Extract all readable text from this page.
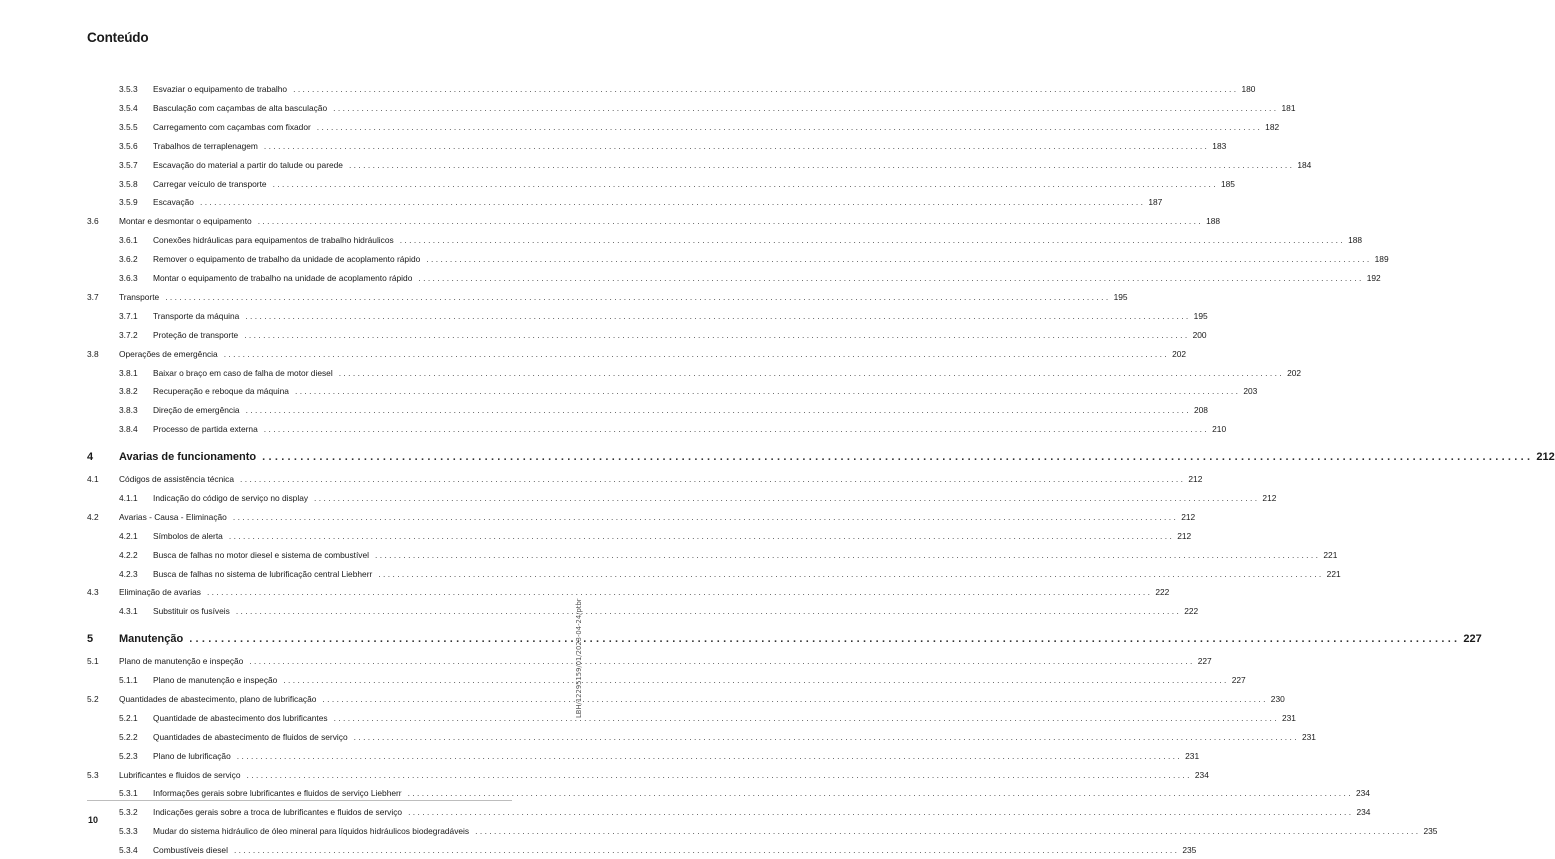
Conteúdo
3.5.3 Esvaziar o equipamento de trabalho ........................................................................................................................................................................................................ 180
3.5.4 Basculação com caçambas de alta basculação ........................................................................................................................................................................................................ 181
3.5.5 Carregamento com caçambas com fixador ........................................................................................................................................................................................................ 182
3.5.6 Trabalhos de terraplenagem ........................................................................................................................................................................................................ 183
3.5.7 Escavação do material a partir do talude ou parede ........................................................................................................................................................................................................ 184
3.5.8 Carregar veículo de transporte ........................................................................................................................................................................................................ 185
3.5.9 Escavação ........................................................................................................................................................................................................ 187
3.6 Montar e desmontar o equipamento ........................................................................................................................................................................................................ 188
3.6.1 Conexões hidráulicas para equipamentos de trabalho hidráulicos ........................................................................................................................................................................................................ 188
3.6.2 Remover o equipamento de trabalho da unidade de acoplamento rápido ........................................................................................................................................................................................................ 189
3.6.3 Montar o equipamento de trabalho na unidade de acoplamento rápido ........................................................................................................................................................................................................ 192
3.7 Transporte ........................................................................................................................................................................................................ 195
3.7.1 Transporte da máquina ........................................................................................................................................................................................................ 195
3.7.2 Proteção de transporte ........................................................................................................................................................................................................ 200
3.8 Operações de emergência ........................................................................................................................................................................................................ 202
3.8.1 Baixar o braço em caso de falha de motor diesel ........................................................................................................................................................................................................ 202
3.8.2 Recuperação e reboque da máquina ........................................................................................................................................................................................................ 203
3.8.3 Direção de emergência ........................................................................................................................................................................................................ 208
3.8.4 Processo de partida externa ........................................................................................................................................................................................................ 210
4 Avarias de funcionamento ........................................................................................................................................................................................................ 212
4.1 Códigos de assistência técnica ........................................................................................................................................................................................................ 212
4.1.1 Indicação do código de serviço no display ........................................................................................................................................................................................................ 212
4.2 Avarias - Causa - Eliminação ........................................................................................................................................................................................................ 212
4.2.1 Símbolos de alerta ........................................................................................................................................................................................................ 212
4.2.2 Busca de falhas no motor diesel e sistema de combustível ........................................................................................................................................................................................................ 221
4.2.3 Busca de falhas no sistema de lubrificação central Liebherr ........................................................................................................................................................................................................ 221
4.3 Eliminação de avarias ........................................................................................................................................................................................................ 222
4.3.1 Substituir os fusíveis ........................................................................................................................................................................................................ 222
5 Manutenção ........................................................................................................................................................................................................ 227
5.1 Plano de manutenção e inspeção ........................................................................................................................................................................................................ 227
5.1.1 Plano de manutenção e inspeção ........................................................................................................................................................................................................ 227
5.2 Quantidades de abastecimento, plano de lubrificação ........................................................................................................................................................................................................ 230
5.2.1 Quantidade de abastecimento dos lubrificantes ........................................................................................................................................................................................................ 231
5.2.2 Quantidades de abastecimento de fluidos de serviço ........................................................................................................................................................................................................ 231
5.2.3 Plano de lubrificação ........................................................................................................................................................................................................ 231
5.3 Lubrificantes e fluidos de serviço ........................................................................................................................................................................................................ 234
5.3.1 Informações gerais sobre lubrificantes e fluidos de serviço Liebherr ........................................................................................................................................................................................................ 234
5.3.2 Indicações gerais sobre a troca de lubrificantes e fluidos de serviço ........................................................................................................................................................................................................ 234
5.3.3 Mudar do sistema hidráulico de óleo mineral para líquidos hidráulicos biodegradáveis ........................................................................................................................................................................................................ 235
5.3.4 Combustíveis diesel ........................................................................................................................................................................................................ 235
10
LBH/12295159/01/2023-04-24/ptbr
